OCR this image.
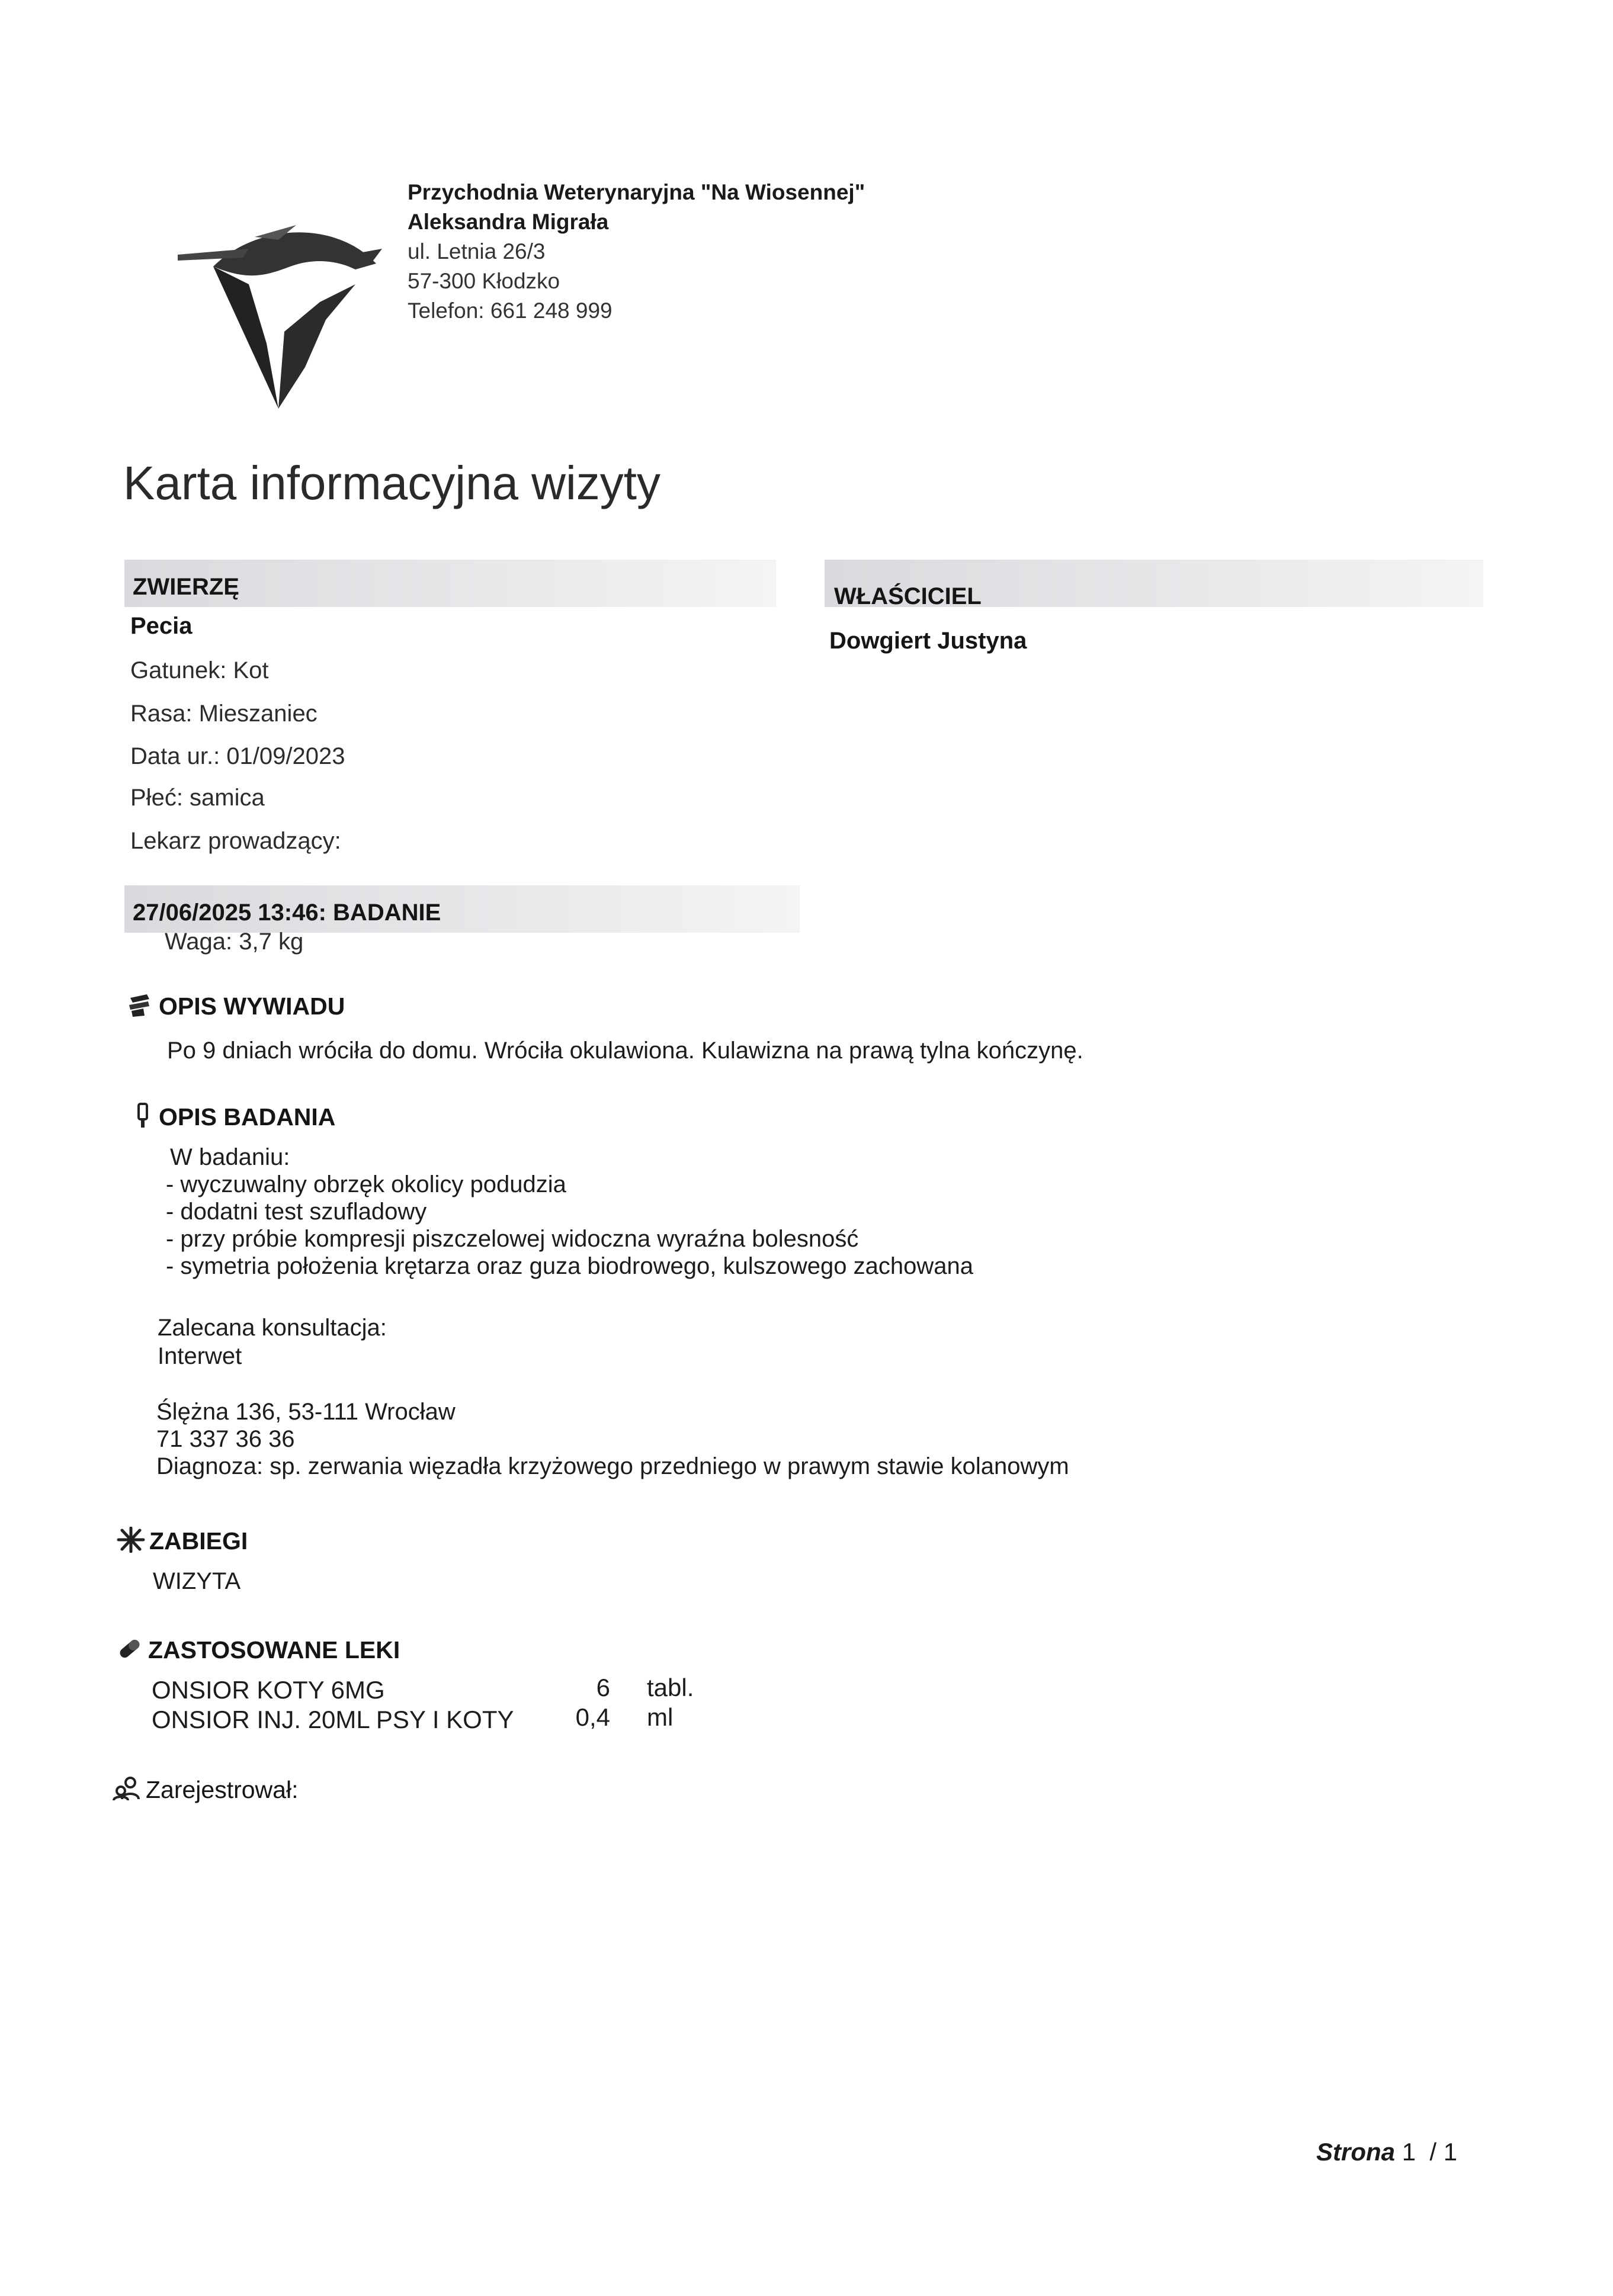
Przychodnia Weterynaryjna "Na Wiosennej"
Aleksandra Migrała
ul. Letnia 26/3
57-300 Kłodzko
Telefon: 661 248 999
Karta informacyjna wizyty
ZWIERZĘ
Pecia
Gatunek: Kot
Rasa: Mieszaniec
Data ur.: 01/09/2023
Płeć: samica
Lekarz prowadzący:
WŁAŚCICIEL
Dowgiert Justyna
27/06/2025 13:46: BADANIE
Waga: 3,7 kg
OPIS WYWIADU
Po 9 dniach wróciła do domu. Wróciła okulawiona. Kulawizna na prawą tylna kończynę.
OPIS BADANIA
W badaniu:
- wyczuwalny obrzęk okolicy podudzia
- dodatni test szufladowy
- przy próbie kompresji piszczelowej widoczna wyraźna bolesność
- symetria położenia krętarza oraz guza biodrowego, kulszowego zachowana
Zalecana konsultacja:
Interwet
Ślężna 136, 53-111 Wrocław
71 337 36 36
Diagnoza: sp. zerwania więzadła krzyżowego przedniego w prawym stawie kolanowym
ZABIEGI
WIZYTA
ZASTOSOWANE LEKI
ONSIOR KOTY 6MG	6 tabl.
ONSIOR INJ. 20ML PSY I KOTY	0,4 ml
Zarejestrował:
Strona 1 / 1
